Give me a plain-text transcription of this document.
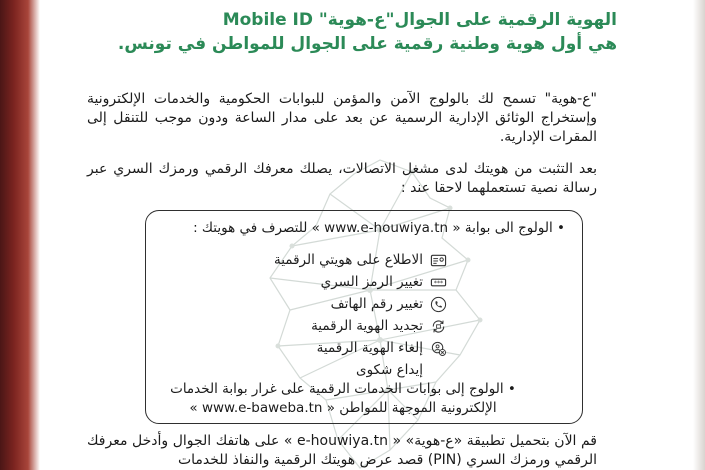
الهوية الرقمية على الجوال"ع-هوية" Mobile ID
هي أول هوية وطنية رقمية على الجوال للمواطن في تونس.
"ع-هوية" تسمح لك بالولوج الآمن والمؤمن للبوابات الحكومية والخدمات الإلكترونية وإستخراج الوثائق الإدارية الرسمية عن بعد على مدار الساعة ودون موجب للتنقل إلى المقرات الإدارية.
بعد التثبت من هويتك لدى مشغل الاتصالات، يصلك معرفك الرقمي ورمزك السري عبر رسالة نصية تستعملهما لاحقا عند :
• الولوج الى بوابة « www.e-houwiya.tn » للتصرف في هويتك :
الاطلاع على هويتي الرقمية
***
تغيير الرمز السري
تغيير رقم الهاتف
تجديد الهوية الرقمية
إلغاء الهوية الرقمية
إيداع شكوى
• الولوج إلى بوابات الخدمات الرقمية على غرار بوابة الخدمات
الإلكترونية الموجهة للمواطن « www.e-baweba.tn »
قم الآن بتحميل تطبيقة «ع-هوية» « e-houwiya.tn » على هاتفك الجوال وأدخل معرفك الرقمي ورمزك السري (PIN) قصد عرض هويتك الرقمية والنفاذ للخدمات
